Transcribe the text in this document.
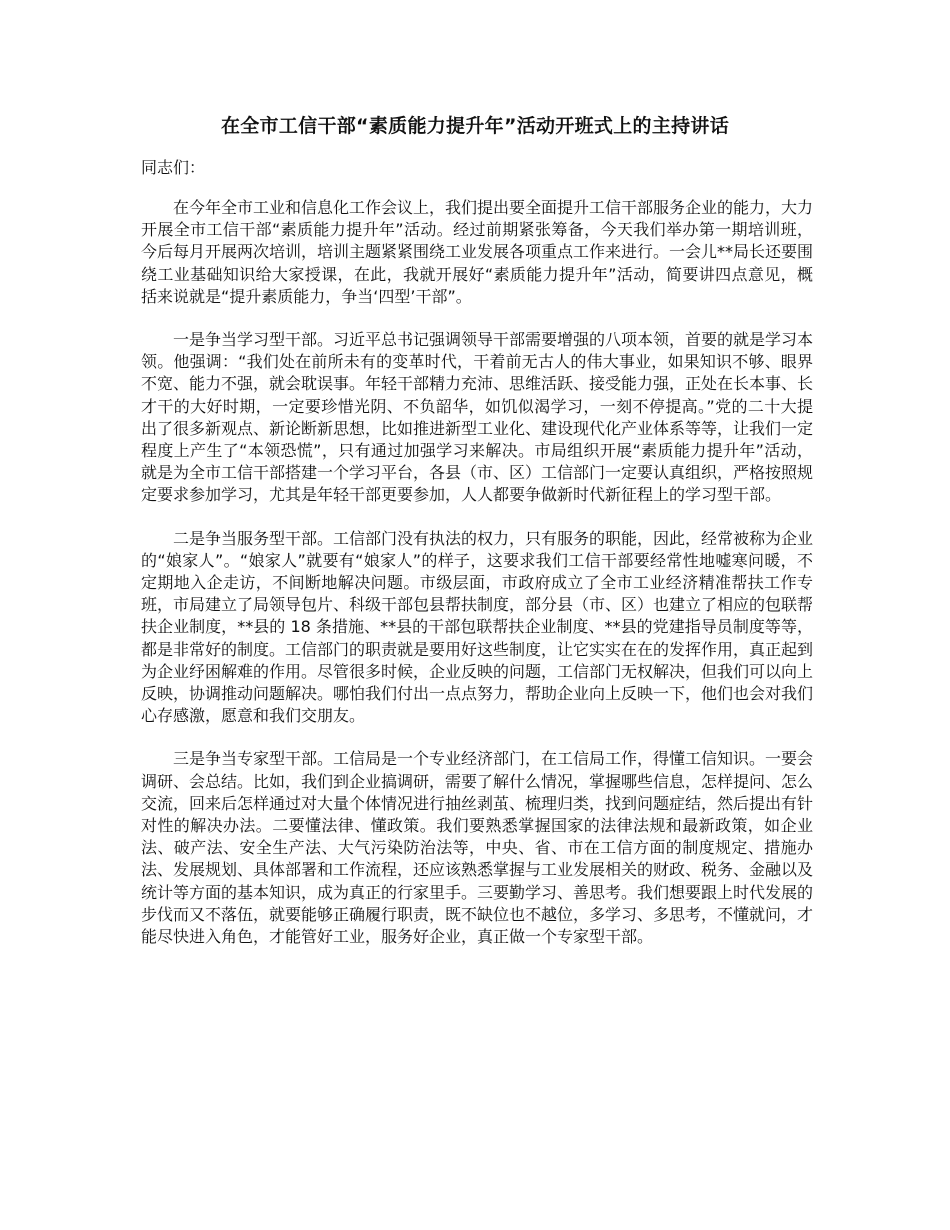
在全市工信干部“素质能力提升年”活动开班式上的主持讲话

同志们：

在今年全市工业和信息化工作会议上，我们提出要全面提升工信干部服务企业的能力，大力开展全市工信干部“素质能力提升年”活动。经过前期紧张筹备，今天我们举办第一期培训班，今后每月开展两次培训，培训主题紧紧围绕工业发展各项重点工作来进行。一会儿**局长还要围绕工业基础知识给大家授课，在此，我就开展好“素质能力提升年”活动，简要讲四点意见，概括来说就是“提升素质能力，争当‘四型’干部”。

一是争当学习型干部。习近平总书记强调领导干部需要增强的八项本领，首要的就是学习本领。他强调：“我们处在前所未有的变革时代，干着前无古人的伟大事业，如果知识不够、眼界不宽、能力不强，就会耽误事。年轻干部精力充沛、思维活跃、接受能力强，正处在长本事、长才干的大好时期，一定要珍惜光阴、不负韶华，如饥似渴学习，一刻不停提高。”党的二十大提出了很多新观点、新论断新思想，比如推进新型工业化、建设现代化产业体系等等，让我们一定程度上产生了“本领恐慌”，只有通过加强学习来解决。市局组织开展“素质能力提升年”活动，就是为全市工信干部搭建一个学习平台，各县（市、区）工信部门一定要认真组织，严格按照规定要求参加学习，尤其是年轻干部更要参加，人人都要争做新时代新征程上的学习型干部。

二是争当服务型干部。工信部门没有执法的权力，只有服务的职能，因此，经常被称为企业的“娘家人”。“娘家人”就要有“娘家人”的样子，这要求我们工信干部要经常性地嘘寒问暖，不定期地入企走访，不间断地解决问题。市级层面，市政府成立了全市工业经济精准帮扶工作专班，市局建立了局领导包片、科级干部包县帮扶制度，部分县（市、区）也建立了相应的包联帮扶企业制度，**县的 18 条措施、**县的干部包联帮扶企业制度、**县的党建指导员制度等等，都是非常好的制度。工信部门的职责就是要用好这些制度，让它实实在在的发挥作用，真正起到为企业纾困解难的作用。尽管很多时候，企业反映的问题，工信部门无权解决，但我们可以向上反映，协调推动问题解决。哪怕我们付出一点点努力，帮助企业向上反映一下，他们也会对我们心存感激，愿意和我们交朋友。

三是争当专家型干部。工信局是一个专业经济部门，在工信局工作，得懂工信知识。一要会调研、会总结。比如，我们到企业搞调研，需要了解什么情况，掌握哪些信息，怎样提问、怎么交流，回来后怎样通过对大量个体情况进行抽丝剥茧、梳理归类，找到问题症结，然后提出有针对性的解决办法。二要懂法律、懂政策。我们要熟悉掌握国家的法律法规和最新政策，如企业法、破产法、安全生产法、大气污染防治法等，中央、省、市在工信方面的制度规定、措施办法、发展规划、具体部署和工作流程，还应该熟悉掌握与工业发展相关的财政、税务、金融以及统计等方面的基本知识，成为真正的行家里手。三要勤学习、善思考。我们想要跟上时代发展的步伐而又不落伍，就要能够正确履行职责，既不缺位也不越位，多学习、多思考，不懂就问，才能尽快进入角色，才能管好工业，服务好企业，真正做一个专家型干部。
